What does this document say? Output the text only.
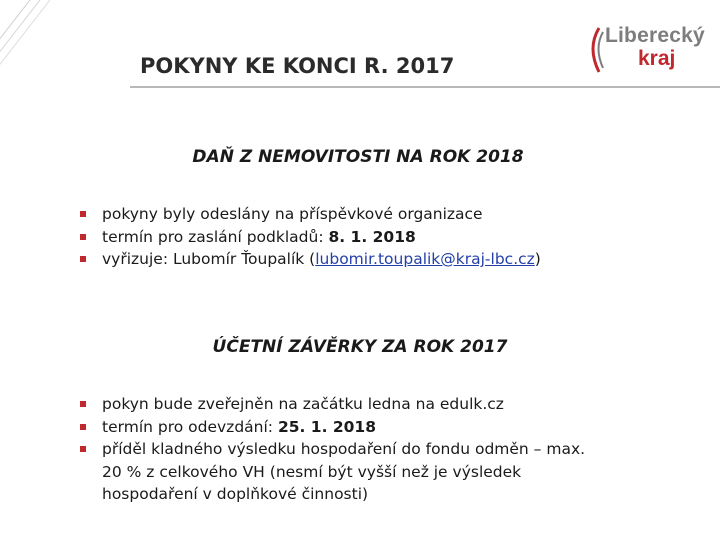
POKYNY KE KONCI R. 2017
Liberecký
kraj
DAŇ Z NEMOVITOSTI NA ROK 2018
pokyny byly odeslány na příspěvkové organizace
termín pro zaslání podkladů: 8. 1. 2018
vyřizuje: Lubomír Ťoupalík (lubomir.toupalik@kraj-lbc.cz)
ÚČETNÍ ZÁVĚRKY ZA ROK 2017
pokyn bude zveřejněn na začátku ledna na edulk.cz
termín pro odevzdání: 25. 1. 2018
příděl kladného výsledku hospodaření do fondu odměn – max.
20 % z celkového VH (nesmí být vyšší než je výsledek
hospodaření v doplňkové činnosti)
